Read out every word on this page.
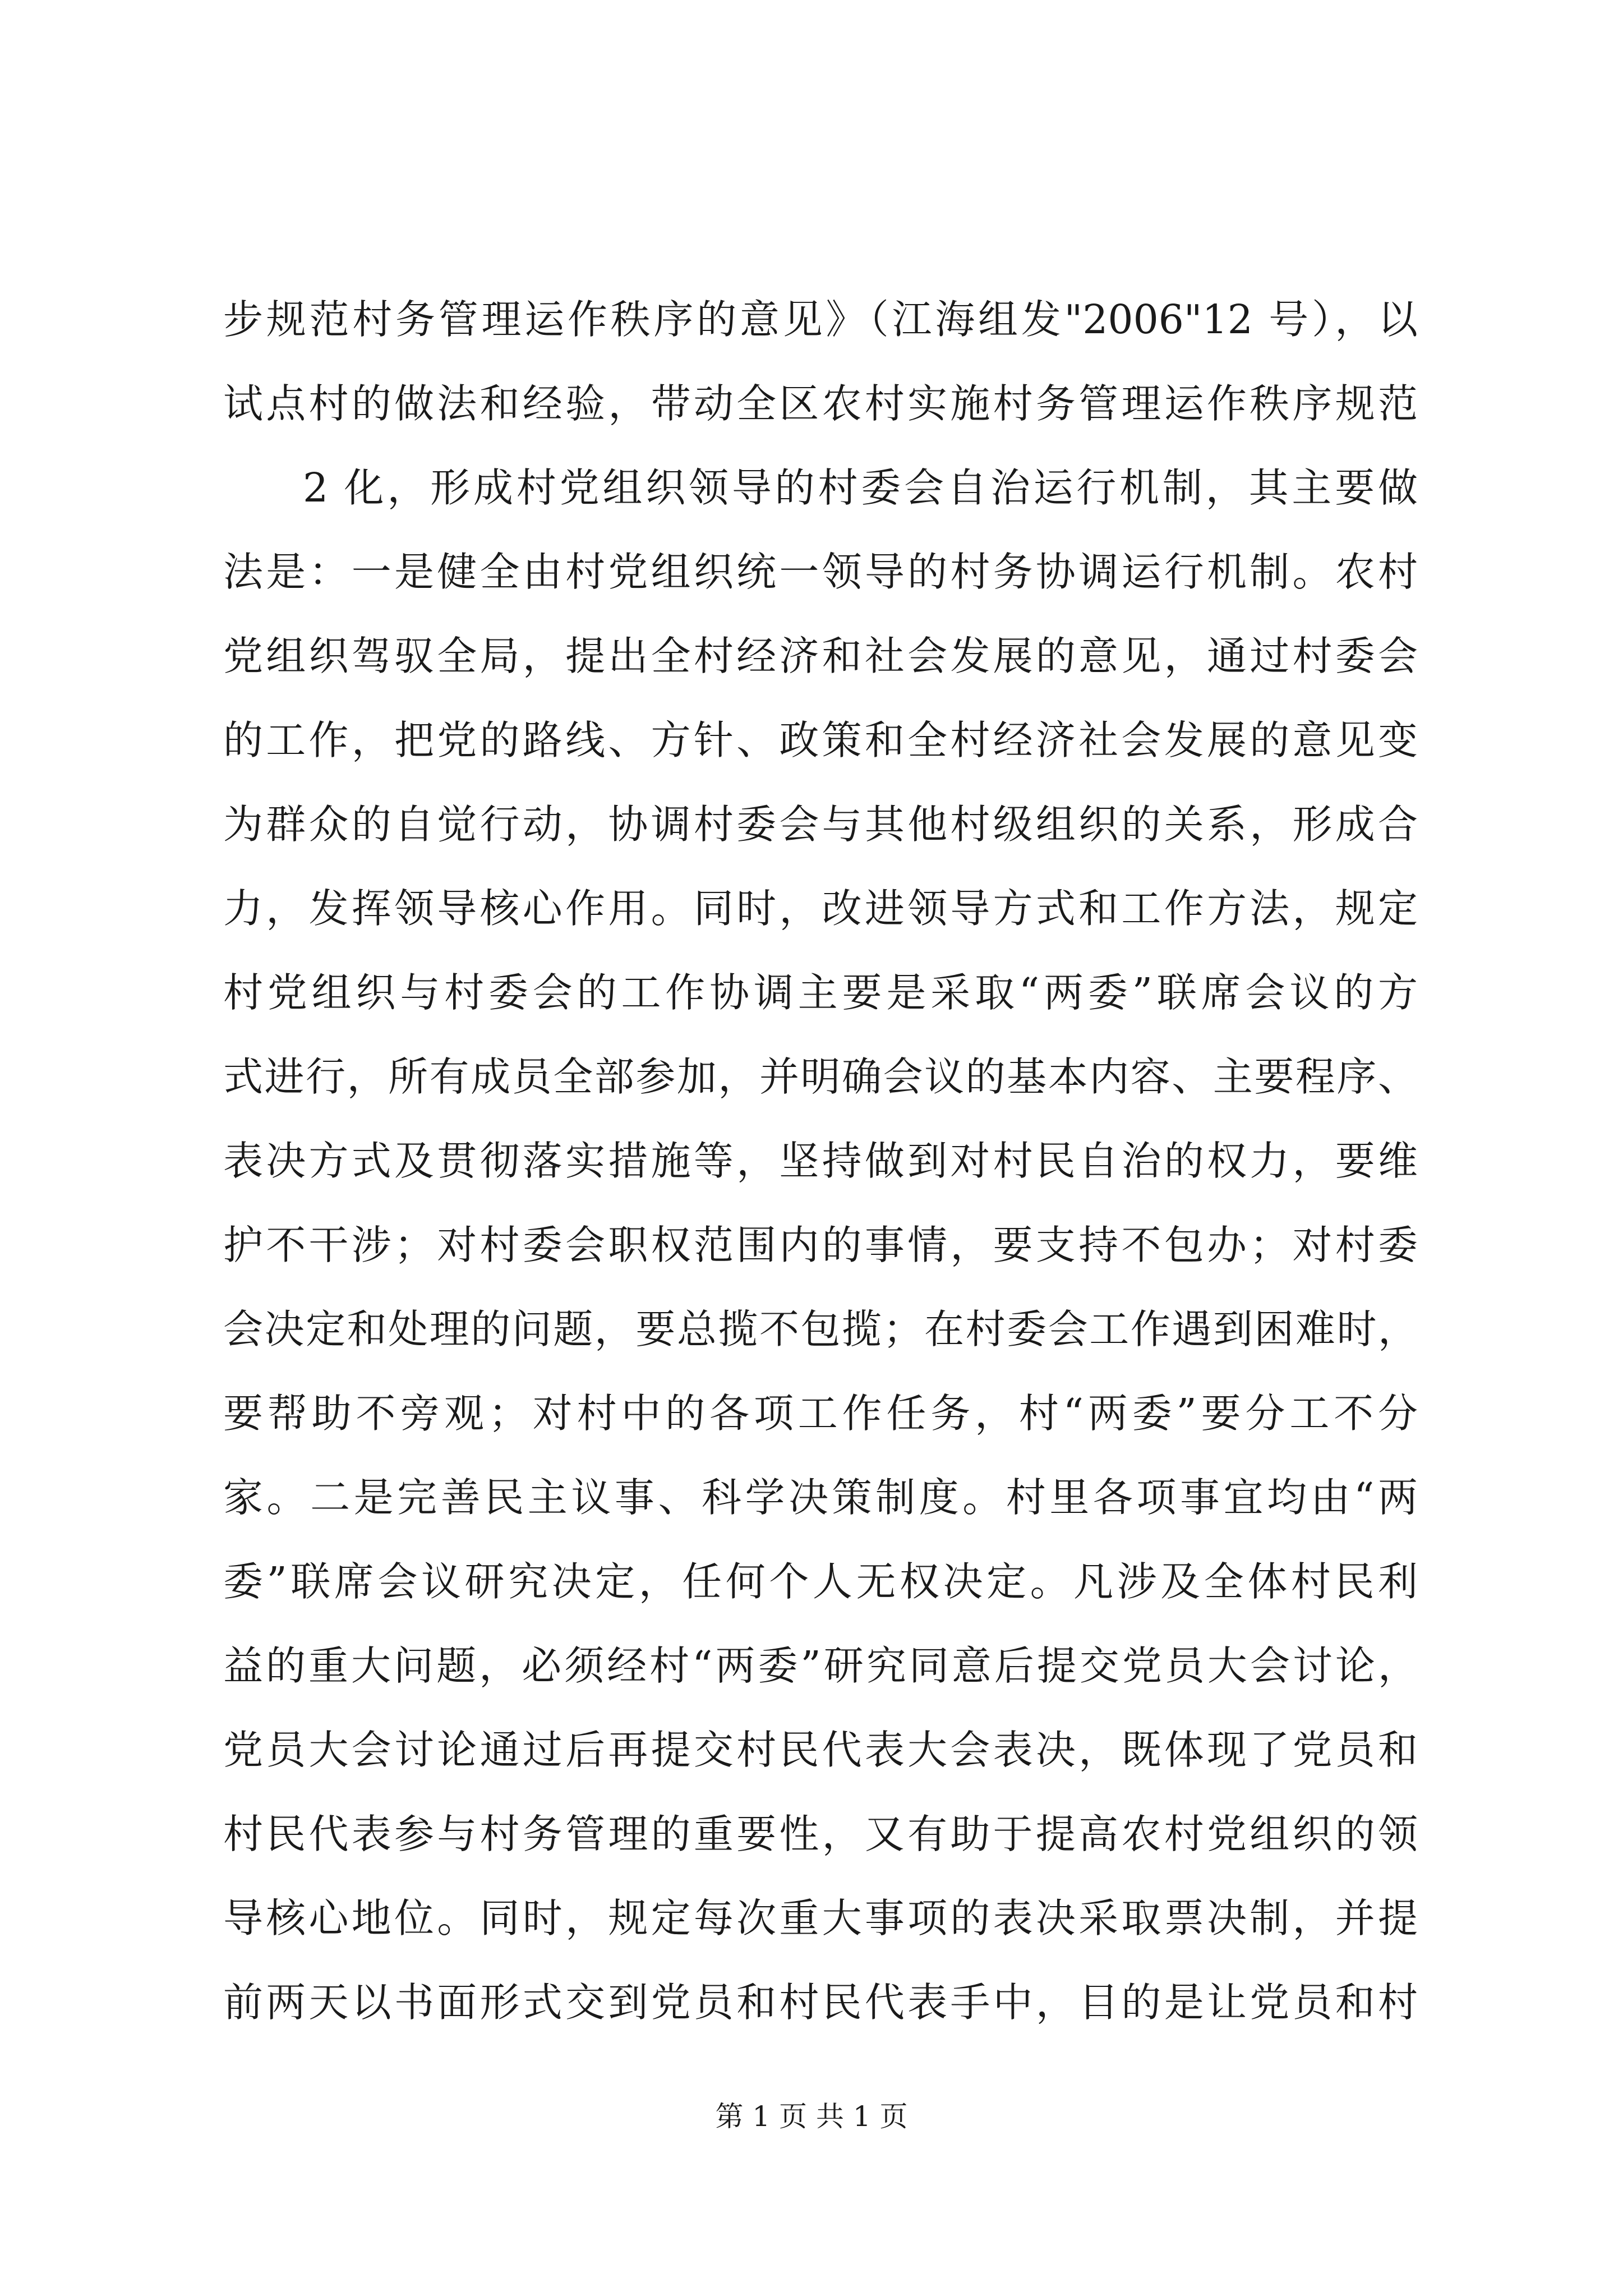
步规范村务管理运作秩序的意见》（江海组发"2006"12 号），以
试点村的做法和经验，带动全区农村实施村务管理运作秩序规范
2 化，形成村党组织领导的村委会自治运行机制，其主要做
法是：一是健全由村党组织统一领导的村务协调运行机制。农村
党组织驾驭全局，提出全村经济和社会发展的意见，通过村委会
的工作，把党的路线、方针、政策和全村经济社会发展的意见变
为群众的自觉行动，协调村委会与其他村级组织的关系，形成合
力，发挥领导核心作用。同时，改进领导方式和工作方法，规定
村党组织与村委会的工作协调主要是采取“两委”联席会议的方
式进行，所有成员全部参加，并明确会议的基本内容、主要程序、
表决方式及贯彻落实措施等，坚持做到对村民自治的权力，要维
护不干涉；对村委会职权范围内的事情，要支持不包办；对村委
会决定和处理的问题，要总揽不包揽；在村委会工作遇到困难时，
要帮助不旁观；对村中的各项工作任务，村“两委”要分工不分
家。二是完善民主议事、科学决策制度。村里各项事宜均由“两
委”联席会议研究决定，任何个人无权决定。凡涉及全体村民利
益的重大问题，必须经村“两委”研究同意后提交党员大会讨论，
党员大会讨论通过后再提交村民代表大会表决，既体现了党员和
村民代表参与村务管理的重要性，又有助于提高农村党组织的领
导核心地位。同时，规定每次重大事项的表决采取票决制，并提
前两天以书面形式交到党员和村民代表手中，目的是让党员和村
第 1 页 共 1 页
